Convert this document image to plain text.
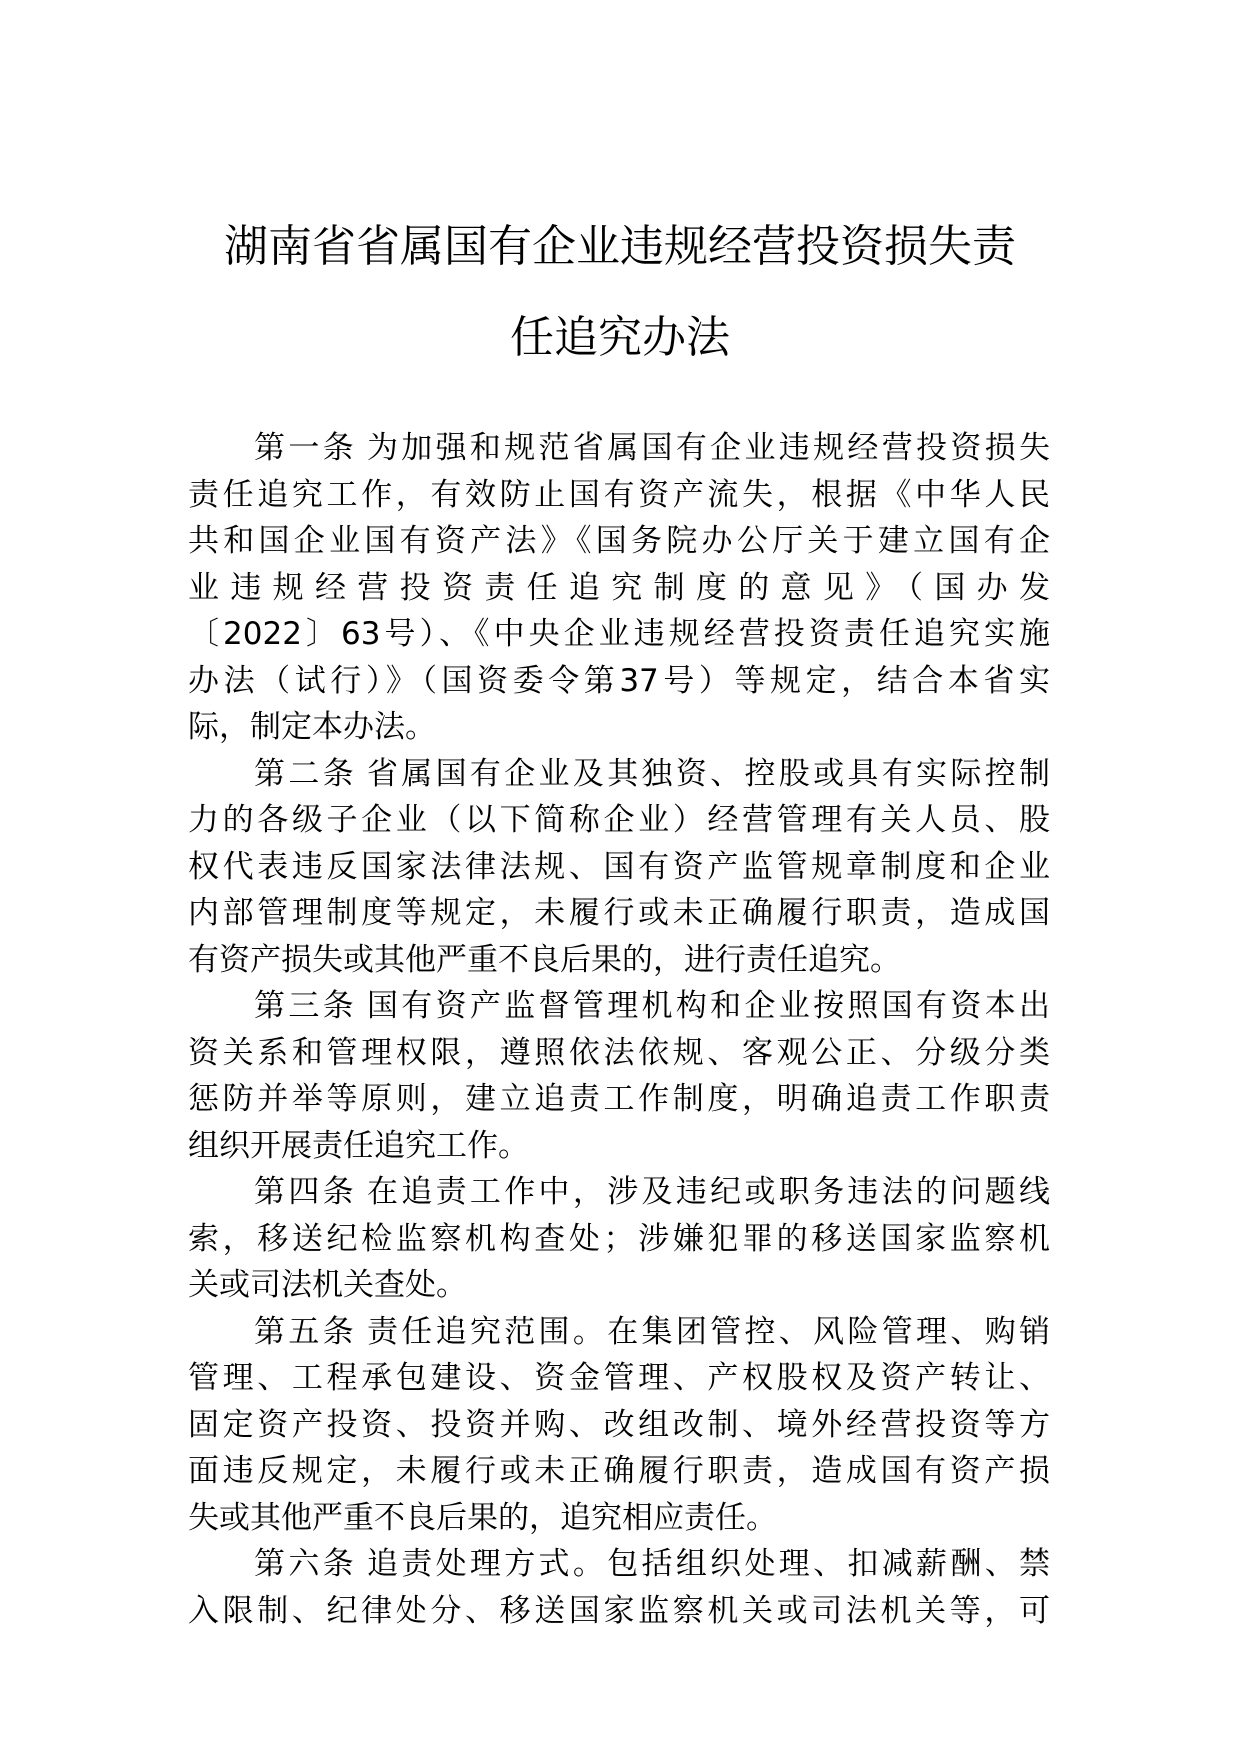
湖南省省属国有企业违规经营投资损失责
任追究办法
第一条 为加强和规范省属国有企业违规经营投资损失
责任追究工作，有效防止国有资产流失，根据《中华人民
共和国企业国有资产法》《国务院办公厅关于建立国有企
业违规经营投资责任追究制度的意见》（国办发
〔2022〕63号）、《中央企业违规经营投资责任追究实施
办法（试行）》（国资委令第37号）等规定，结合本省实
际，制定本办法。
第二条 省属国有企业及其独资、控股或具有实际控制
力的各级子企业（以下简称企业）经营管理有关人员、股
权代表违反国家法律法规、国有资产监管规章制度和企业
内部管理制度等规定，未履行或未正确履行职责，造成国
有资产损失或其他严重不良后果的，进行责任追究。
第三条 国有资产监督管理机构和企业按照国有资本出
资关系和管理权限，遵照依法依规、客观公正、分级分类
惩防并举等原则，建立追责工作制度，明确追责工作职责
组织开展责任追究工作。
第四条 在追责工作中，涉及违纪或职务违法的问题线
索，移送纪检监察机构查处；涉嫌犯罪的移送国家监察机
关或司法机关查处。
第五条 责任追究范围。在集团管控、风险管理、购销
管理、工程承包建设、资金管理、产权股权及资产转让、
固定资产投资、投资并购、改组改制、境外经营投资等方
面违反规定，未履行或未正确履行职责，造成国有资产损
失或其他严重不良后果的，追究相应责任。
第六条 追责处理方式。包括组织处理、扣减薪酬、禁
入限制、纪律处分、移送国家监察机关或司法机关等，可
